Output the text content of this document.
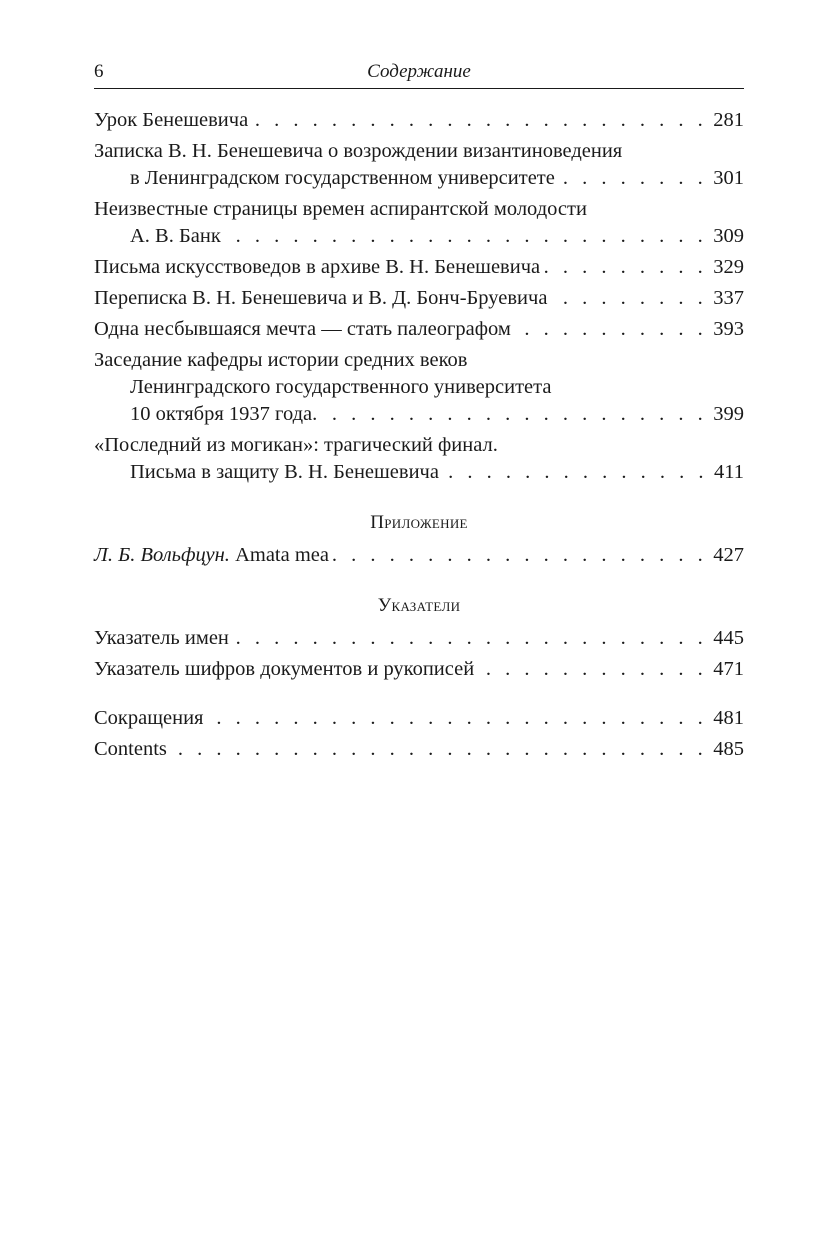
6	Содержание
Урок Бенешевича . . .	281
Записка В. Н. Бенешевича о возрождении византиноведения
в Ленинградском государственном университете . . .	301
Неизвестные страницы времен аспирантской молодости
А. В. Банк . . .	309
Письма искусствоведов в архиве В. Н. Бенешевича . . .	329
Переписка В. Н. Бенешевича и В. Д. Бонч-Бруевича . . .	337
Одна несбывшаяся мечта — стать палеографом . . .	393
Заседание кафедры истории средних веков
Ленинградского государственного университета
10 октября 1937 года. . . .	399
«Последний из могикан»: трагический финал.
Письма в защиту В. Н. Бенешевича . . .	411
Приложение
Л. Б. Вольфцун. Amata mea . . .	427
Указатели
Указатель имен . . .	445
Указатель шифров документов и рукописей . . .	471
Сокращения . . .	481
Contents . . .	485
